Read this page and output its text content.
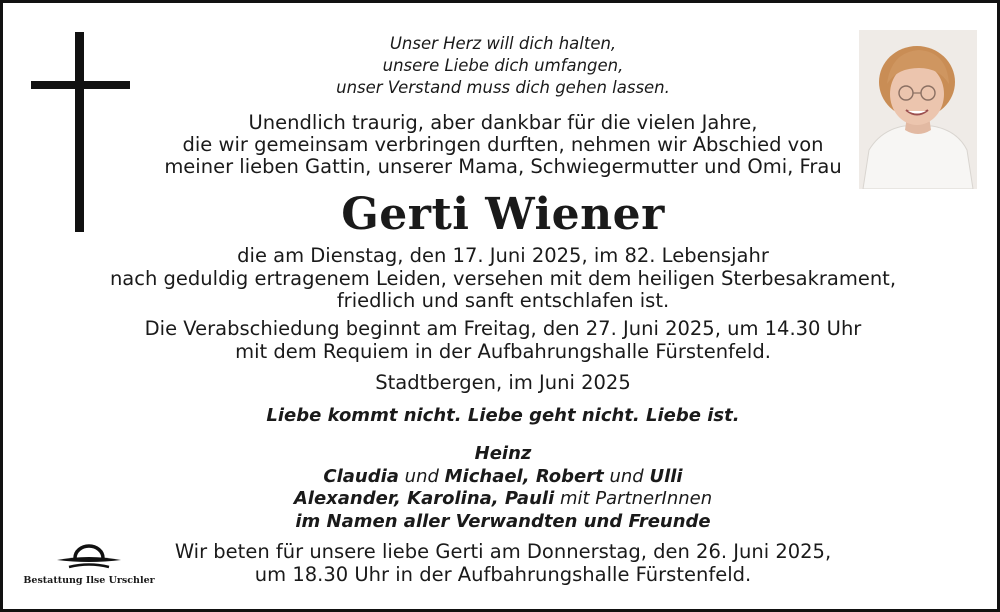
Unser Herz will dich halten,
unsere Liebe dich umfangen,
unser Verstand muss dich gehen lassen.
Unendlich traurig, aber dankbar für die vielen Jahre,
die wir gemeinsam verbringen durften, nehmen wir Abschied von
meiner lieben Gattin, unserer Mama, Schwiegermutter und Omi, Frau
Gerti Wiener
die am Dienstag, den 17. Juni 2025, im 82. Lebensjahr
nach geduldig ertragenem Leiden, versehen mit dem heiligen Sterbesakrament,
friedlich und sanft entschlafen ist.
Die Verabschiedung beginnt am Freitag, den 27. Juni 2025, um 14.30 Uhr
mit dem Requiem in der Aufbahrungshalle Fürstenfeld.
Stadtbergen, im Juni 2025
Liebe kommt nicht. Liebe geht nicht. Liebe ist.
Heinz
Claudia und Michael, Robert und Ulli
Alexander, Karolina, Pauli mit PartnerInnen
im Namen aller Verwandten und Freunde
Bestattung Ilse Urschler
Wir beten für unsere liebe Gerti am Donnerstag, den 26. Juni 2025,
um 18.30 Uhr in der Aufbahrungshalle Fürstenfeld.
